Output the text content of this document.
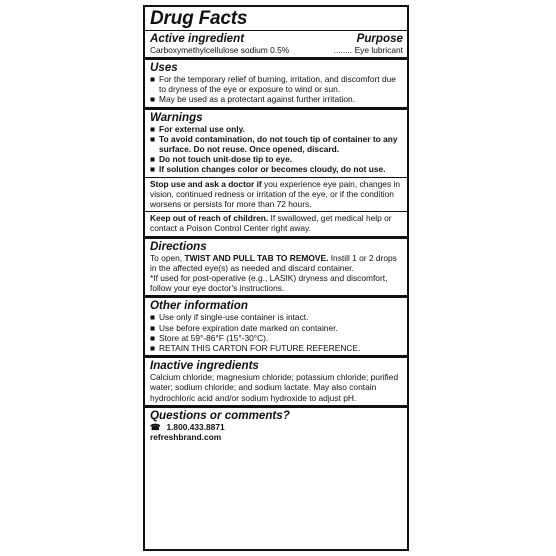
Drug Facts
Active ingredient	Purpose
Carboxymethylcellulose sodium 0.5%	........ Eye lubricant
Uses
■ For the temporary relief of burning, irritation, and discomfort due to dryness of the eye or exposure to wind or sun.
■ May be used as a protectant against further irritation.
Warnings
■ For external use only.
■ To avoid contamination, do not touch tip of container to any surface. Do not reuse. Once opened, discard.
■ Do not touch unit-dose tip to eye.
■ If solution changes color or becomes cloudy, do not use.
Stop use and ask a doctor if you experience eye pain, changes in vision, continued redness or irritation of the eye, or if the condition worsens or persists for more than 72 hours.
Keep out of reach of children. If swallowed, get medical help or contact a Poison Control Center right away.
Directions
To open, TWIST AND PULL TAB TO REMOVE. Instill 1 or 2 drops in the affected eye(s) as needed and discard container.
*If used for post-operative (e.g., LASIK) dryness and discomfort, follow your eye doctor's instructions.
Other information
■ Use only if single-use container is intact.
■ Use before expiration date marked on container.
■ Store at 59°-86°F (15°-30°C).
■ RETAIN THIS CARTON FOR FUTURE REFERENCE.
Inactive ingredients
Calcium chloride; magnesium chloride; potassium chloride; purified water; sodium chloride; and sodium lactate. May also contain hydrochloric acid and/or sodium hydroxide to adjust pH.
Questions or comments?
☎ 1.800.433.8871
refreshbrand.com
